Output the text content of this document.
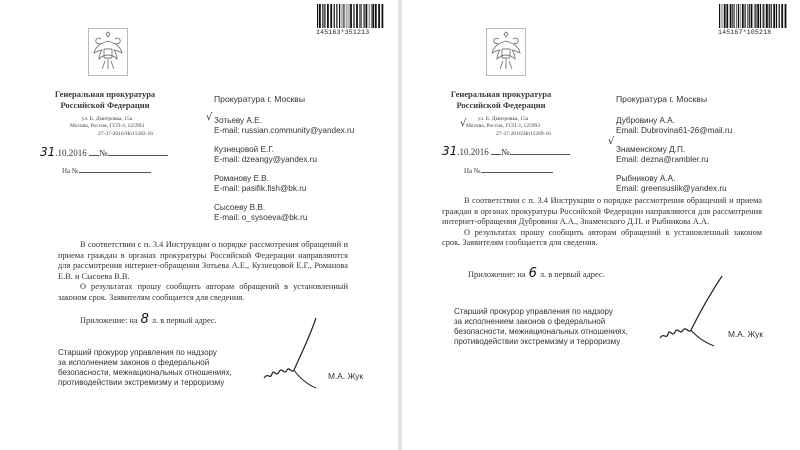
145163*351213
Генеральная прокуратура
Российской Федерации
ул. Б. Дмитровка, 15а
Москва, Россия, ГСП-3, 125993
27-37-2016/Нп11282-16
31.10.2016 №
На №
Прокуратура г. Москвы
Зотьеву А.Е.
E-mail: russian.community@yandex.ru
Кузнецовой Е.Г.
E-mail: dzeangy@yandex.ru
Романову Е.В.
E-mail: pasifik.fish@bk.ru
Сысоеву В.В.
E-mail: o_sysoeva@bk.ru
√

В соответствии с п. 3.4 Инструкции о порядке рассмотрения обращений и приема граждан в органах прокуратуры Российской Федерации направляются для рассмотрения интернет-обращения Зотьева А.Е., Кузнецовой Е.Г., Романова Е.В. и Сысоева В.В.

О результатах прошу сообщить авторам обращений в установленный законом срок. Заявителям сообщается для сведения.

Приложение: на 8 л. в первый адрес.
Старший прокурор управления по надзору
за исполнением законов о федеральной
безопасности, межнациональных отношениях,
противодействии экстремизму и терроризму
М.А. Жук
145167*105218
Генеральная прокуратура
Российской Федерации
ул. Б. Дмитровка, 15а
Москва, Россия, ГСП-3, 125993
27-37-2016/Нп11289-16
31.10.2016 №
На №
Прокуратура г. Москвы
Дубровину А.А.
Email: Dubrovina61-26@mail.ru
Знаменскому Д.П.
Email: dezna@rambler.ru
Рыбникову А.А.
Email: greensuslik@yandex.ru
√
√

В соответствии с п. 3.4 Инструкции о порядке рассмотрения обращений и приема граждан в органах прокуратуры Российской Федерации направляются для рассмотрения интернет-обращения Дубровина А.А., Знаменского Д.П. и Рыбникова А.А.

О результатах прошу сообщить авторам обращений в установленный законом срок. Заявителям сообщается для сведения.

Приложение: на 6 л. в первый адрес.
Старший прокурор управления по надзору
за исполнением законов о федеральной
безопасности, межнациональных отношениях,
противодействии экстремизму и терроризму
М.А. Жук
